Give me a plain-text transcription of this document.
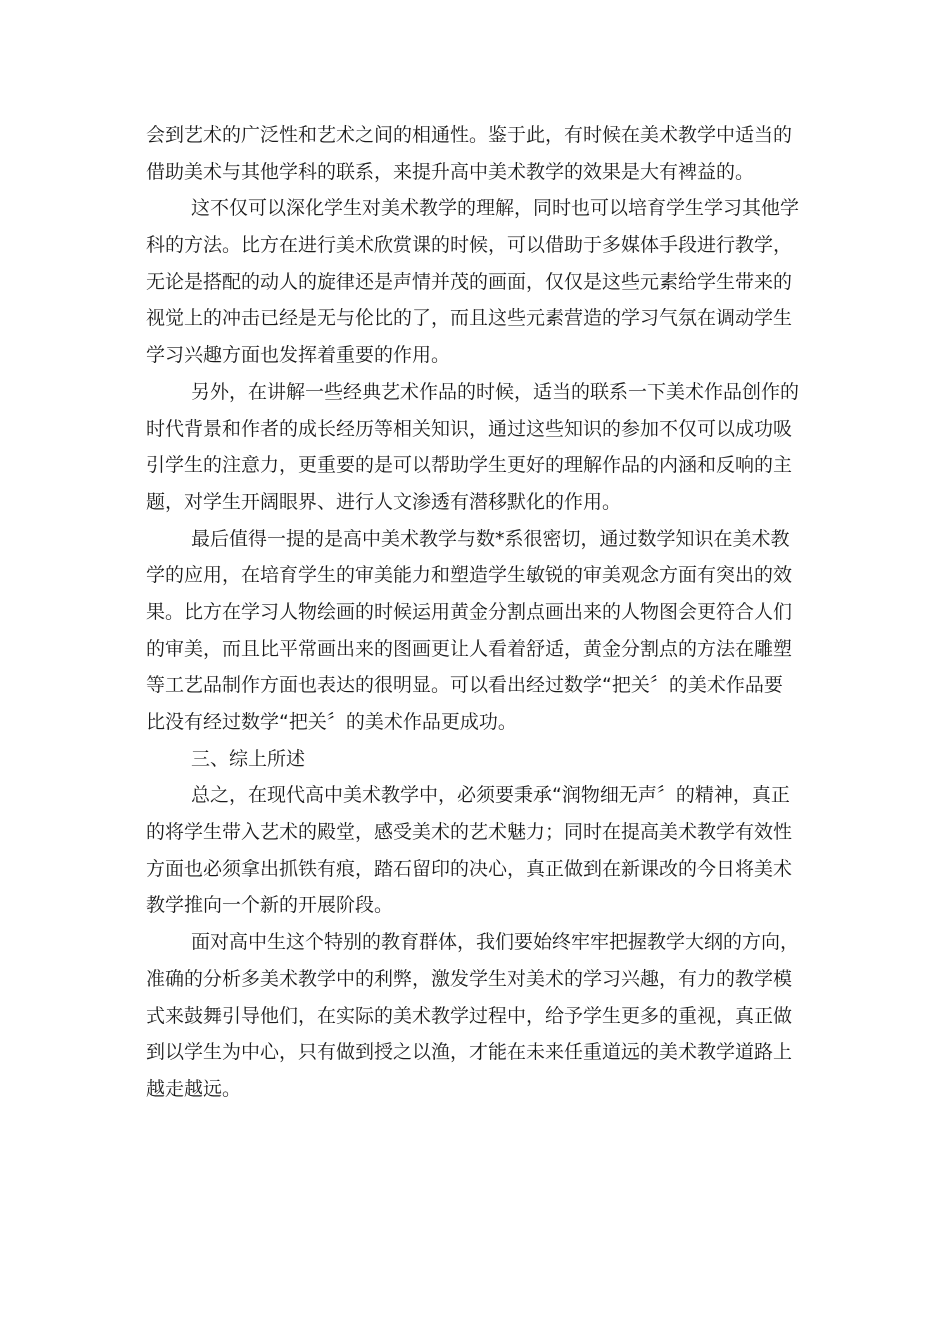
会到艺术的广泛性和艺术之间的相通性。鉴于此，有时候在美术教学中适当的
借助美术与其他学科的联系，来提升高中美术教学的效果是大有裨益的。
这不仅可以深化学生对美术教学的理解，同时也可以培育学生学习其他学
科的方法。比方在进行美术欣赏课的时候，可以借助于多媒体手段进行教学，
无论是搭配的动人的旋律还是声情并茂的画面，仅仅是这些元素给学生带来的
视觉上的冲击已经是无与伦比的了，而且这些元素营造的学习气氛在调动学生
学习兴趣方面也发挥着重要的作用。
另外，在讲解一些经典艺术作品的时候，适当的联系一下美术作品创作的
时代背景和作者的成长经历等相关知识，通过这些知识的参加不仅可以成功吸
引学生的注意力，更重要的是可以帮助学生更好的理解作品的内涵和反响的主
题，对学生开阔眼界、进行人文渗透有潜移默化的作用。
最后值得一提的是高中美术教学与数*系很密切，通过数学知识在美术教
学的应用，在培育学生的审美能力和塑造学生敏锐的审美观念方面有突出的效
果。比方在学习人物绘画的时候运用黄金分割点画出来的人物图会更符合人们
的审美，而且比平常画出来的图画更让人看着舒适，黄金分割点的方法在雕塑
等工艺品制作方面也表达的很明显。可以看出经过数学“把关〞的美术作品要
比没有经过数学“把关〞的美术作品更成功。
三、综上所述
总之，在现代高中美术教学中，必须要秉承“润物细无声〞的精神，真正
的将学生带入艺术的殿堂，感受美术的艺术魅力；同时在提高美术教学有效性
方面也必须拿出抓铁有痕，踏石留印的决心，真正做到在新课改的今日将美术
教学推向一个新的开展阶段。
面对高中生这个特别的教育群体，我们要始终牢牢把握教学大纲的方向，
准确的分析多美术教学中的利弊，激发学生对美术的学习兴趣，有力的教学模
式来鼓舞引导他们，在实际的美术教学过程中，给予学生更多的重视，真正做
到以学生为中心，只有做到授之以渔，才能在未来任重道远的美术教学道路上
越走越远。
